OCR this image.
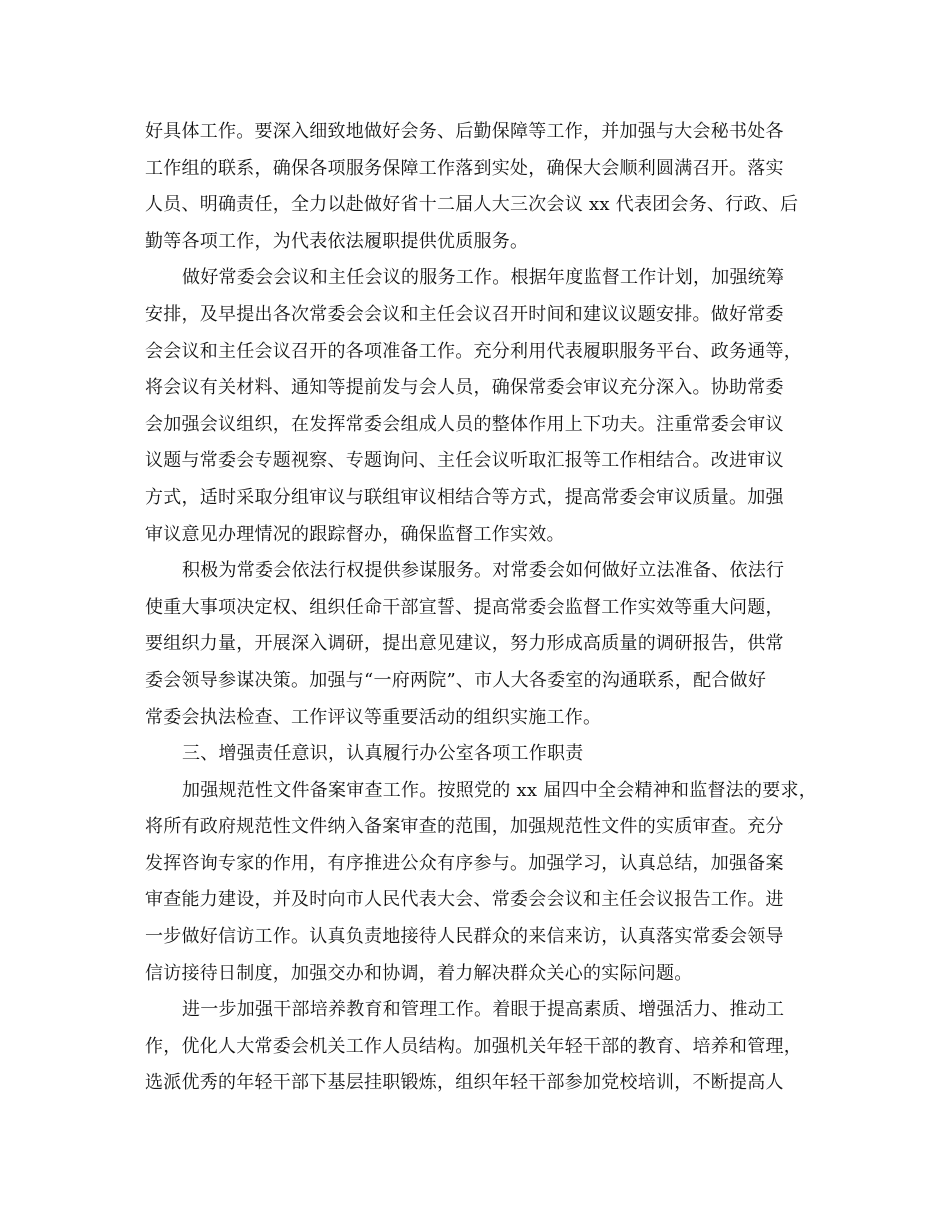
好具体工作。要深入细致地做好会务、后勤保障等工作，并加强与大会秘书处各
工作组的联系，确保各项服务保障工作落到实处，确保大会顺利圆满召开。落实
人员、明确责任，全力以赴做好省十二届人大三次会议 xx 代表团会务、行政、后
勤等各项工作，为代表依法履职提供优质服务。
做好常委会会议和主任会议的服务工作。根据年度监督工作计划，加强统筹
安排，及早提出各次常委会会议和主任会议召开时间和建议议题安排。做好常委
会会议和主任会议召开的各项准备工作。充分利用代表履职服务平台、政务通等，
将会议有关材料、通知等提前发与会人员，确保常委会审议充分深入。协助常委
会加强会议组织，在发挥常委会组成人员的整体作用上下功夫。注重常委会审议
议题与常委会专题视察、专题询问、主任会议听取汇报等工作相结合。改进审议
方式，适时采取分组审议与联组审议相结合等方式，提高常委会审议质量。加强
审议意见办理情况的跟踪督办，确保监督工作实效。
积极为常委会依法行权提供参谋服务。对常委会如何做好立法准备、依法行
使重大事项决定权、组织任命干部宣誓、提高常委会监督工作实效等重大问题，
要组织力量，开展深入调研，提出意见建议，努力形成高质量的调研报告，供常
委会领导参谋决策。加强与“一府两院”、市人大各委室的沟通联系，配合做好
常委会执法检查、工作评议等重要活动的组织实施工作。
三、增强责任意识，认真履行办公室各项工作职责
加强规范性文件备案审查工作。按照党的 xx 届四中全会精神和监督法的要求，
将所有政府规范性文件纳入备案审查的范围，加强规范性文件的实质审查。充分
发挥咨询专家的作用，有序推进公众有序参与。加强学习，认真总结，加强备案
审查能力建设，并及时向市人民代表大会、常委会会议和主任会议报告工作。进
一步做好信访工作。认真负责地接待人民群众的来信来访，认真落实常委会领导
信访接待日制度，加强交办和协调，着力解决群众关心的实际问题。
进一步加强干部培养教育和管理工作。着眼于提高素质、增强活力、推动工
作，优化人大常委会机关工作人员结构。加强机关年轻干部的教育、培养和管理，
选派优秀的年轻干部下基层挂职锻炼，组织年轻干部参加党校培训，不断提高人
